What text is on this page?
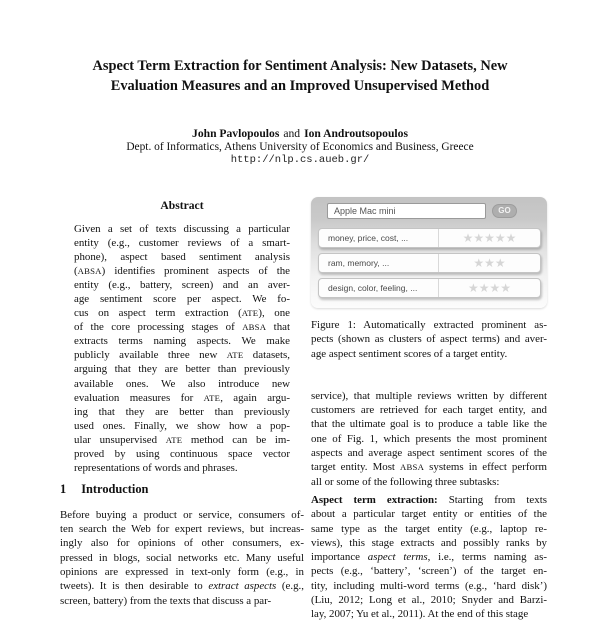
Aspect Term Extraction for Sentiment Analysis: New Datasets, New
Evaluation Measures and an Improved Unsupervised Method
John Pavlopoulos and Ion Androutsopoulos
Dept. of Informatics, Athens University of Economics and Business, Greece
http://nlp.cs.aueb.gr/
Abstract
Given a set of texts discussing a particular
entity (e.g., customer reviews of a smart-
phone), aspect based sentiment analysis
(ABSA) identifies prominent aspects of the
entity (e.g., battery, screen) and an aver-
age sentiment score per aspect. We fo-
cus on aspect term extraction (ATE), one
of the core processing stages of ABSA that
extracts terms naming aspects. We make
publicly available three new ATE datasets,
arguing that they are better than previously
available ones. We also introduce new
evaluation measures for ATE, again argu-
ing that they are better than previously
used ones. Finally, we show how a pop-
ular unsupervised ATE method can be im-
proved by using continuous space vector
representations of words and phrases.
1 Introduction
Before buying a product or service, consumers of-
ten search the Web for expert reviews, but increas-
ingly also for opinions of other consumers, ex-
pressed in blogs, social networks etc. Many useful
opinions are expressed in text-only form (e.g., in
tweets). It is then desirable to extract aspects (e.g.,
screen, battery) from the texts that discuss a par-
Apple Mac mini
GO
money, price, cost, ...	★★★★★
ram, memory, ...	★★★
design, color, feeling, ...	★★★★
Figure 1: Automatically extracted prominent as-
pects (shown as clusters of aspect terms) and aver-
age aspect sentiment scores of a target entity.
service), that multiple reviews written by different
customers are retrieved for each target entity, and
that the ultimate goal is to produce a table like the
one of Fig. 1, which presents the most prominent
aspects and average aspect sentiment scores of the
target entity. Most ABSA systems in effect perform
all or some of the following three subtasks:
Aspect term extraction: Starting from texts
about a particular target entity or entities of the
same type as the target entity (e.g., laptop re-
views), this stage extracts and possibly ranks by
importance aspect terms, i.e., terms naming as-
pects (e.g., ‘battery’, ‘screen’) of the target en-
tity, including multi-word terms (e.g., ‘hard disk’)
(Liu, 2012; Long et al., 2010; Snyder and Barzi-
lay, 2007; Yu et al., 2011). At the end of this stage
